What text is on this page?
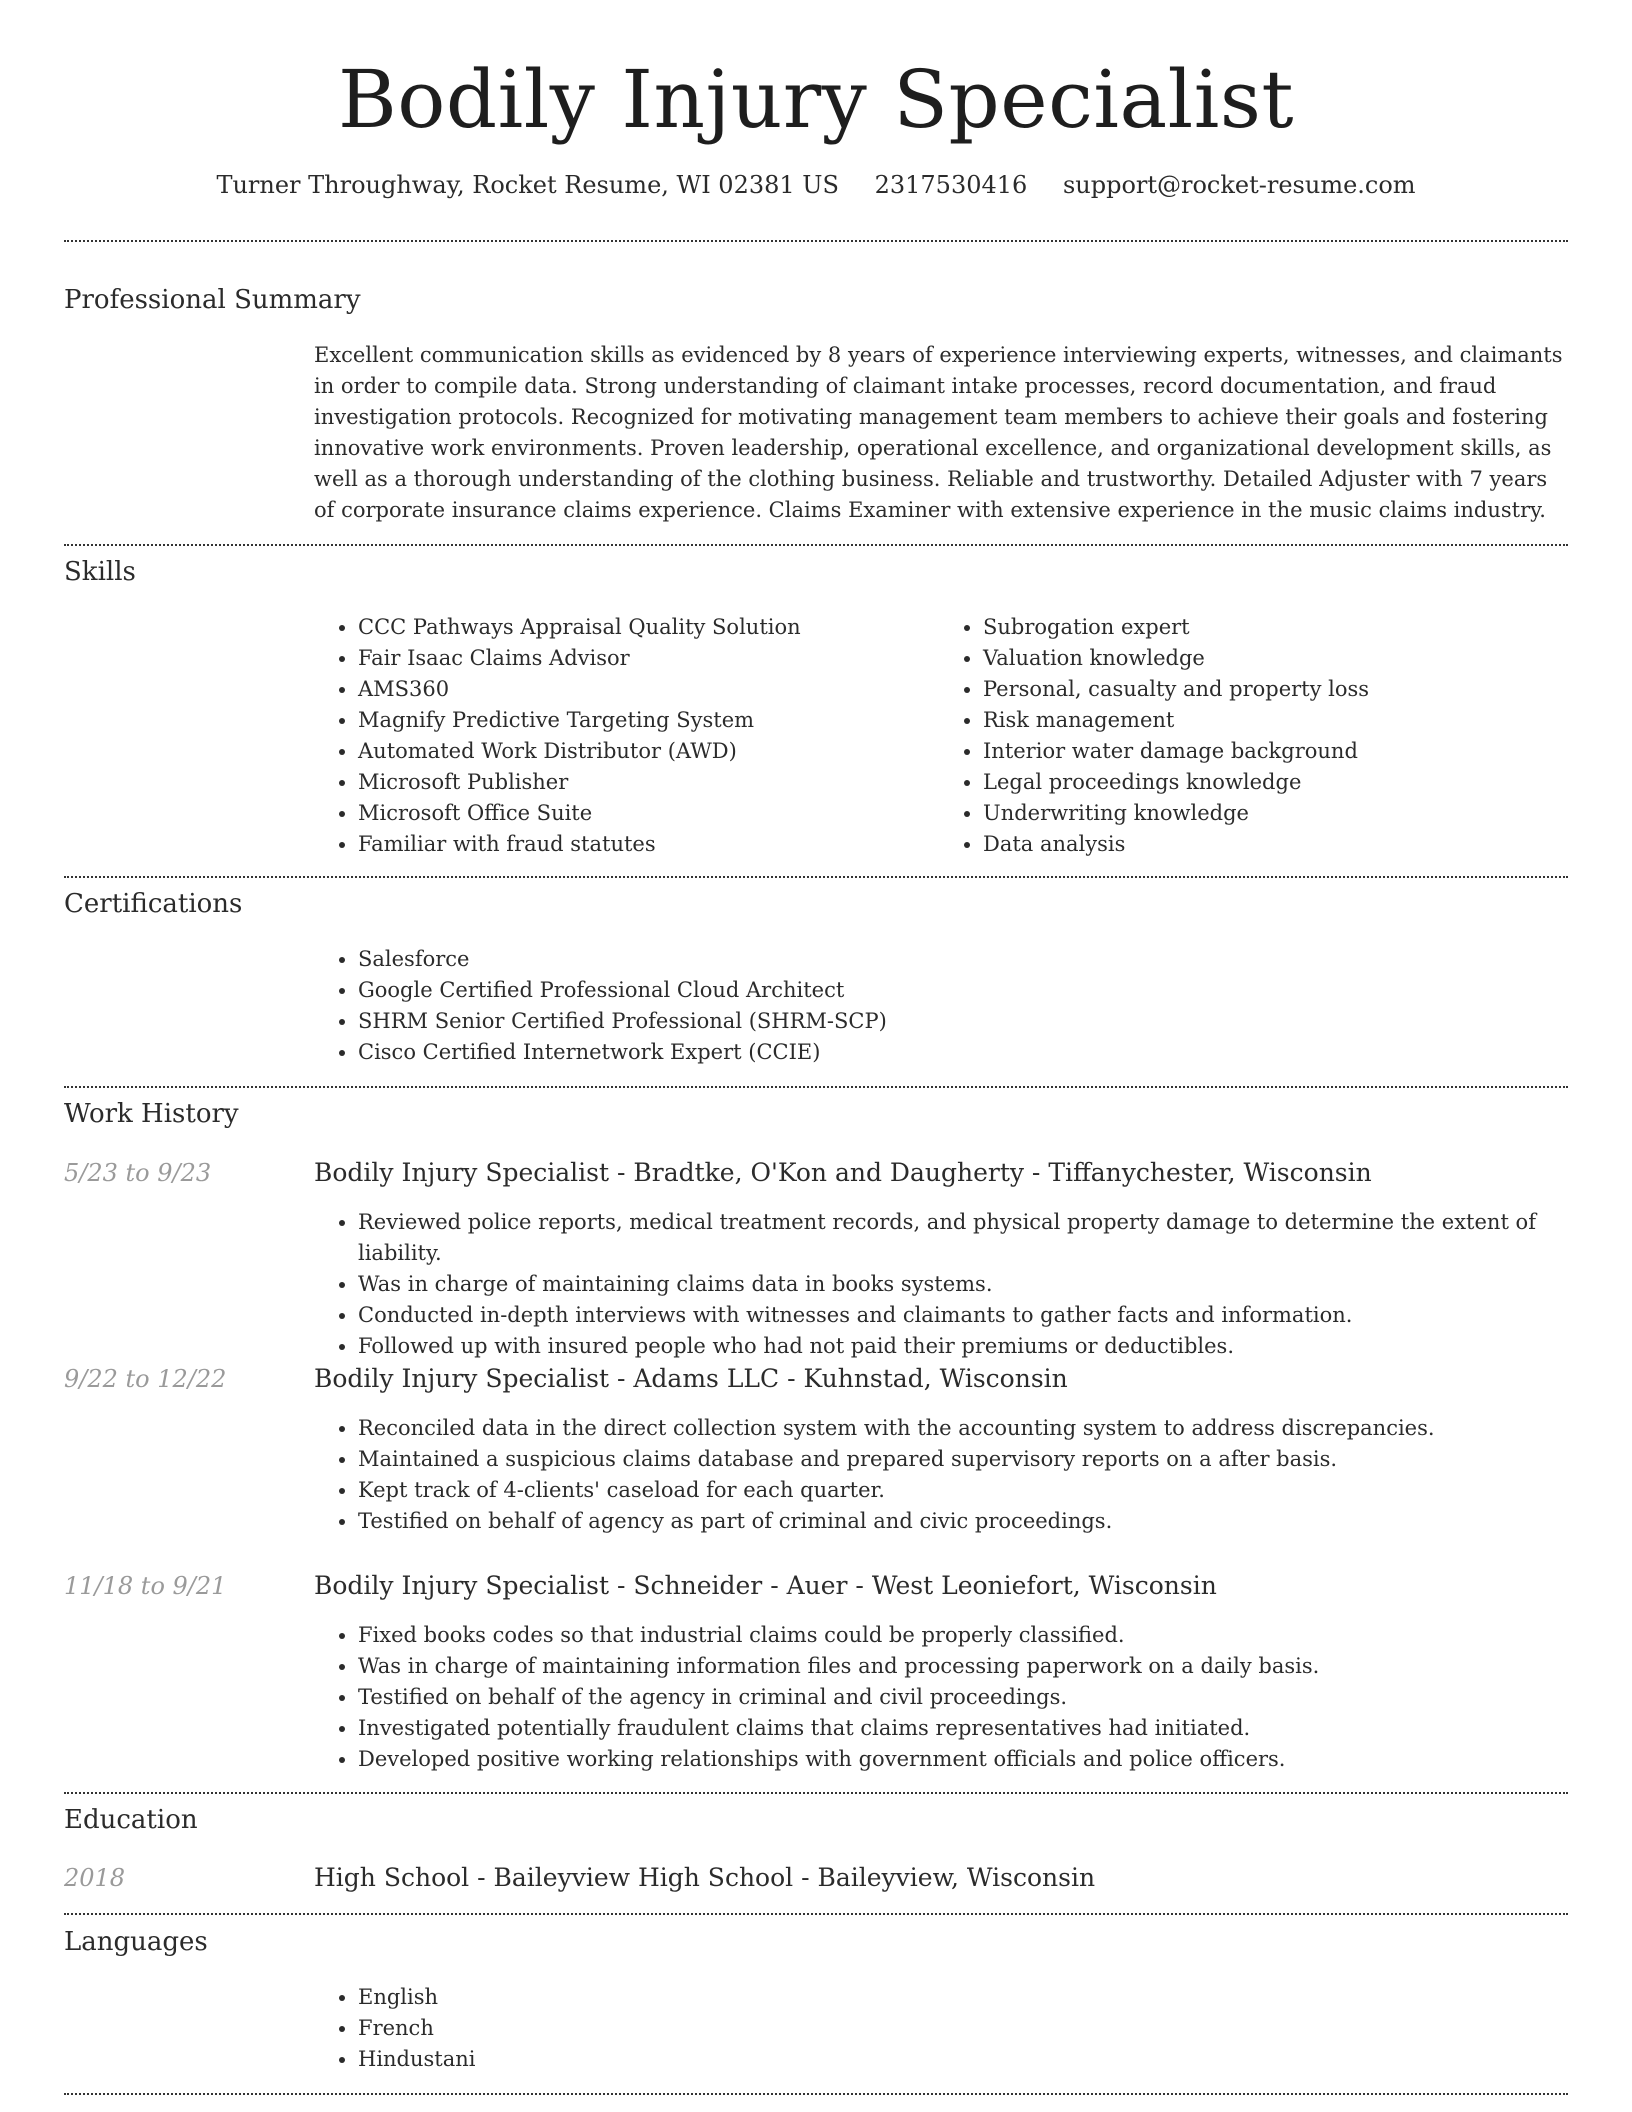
Bodily Injury Specialist
Turner Throughway, Rocket Resume, WI 02381 US 2317530416 support@rocket-resume.com
Professional Summary

Excellent communication skills as evidenced by 8 years of experience interviewing experts, witnesses, and claimants in order to compile data. Strong understanding of claimant intake processes, record documentation, and fraud investigation protocols. Recognized for motivating management team members to achieve their goals and fostering innovative work environments. Proven leadership, operational excellence, and organizational development skills, as well as a thorough understanding of the clothing business. Reliable and trustworthy. Detailed Adjuster with 7 years of corporate insurance claims experience. Claims Examiner with extensive experience in the music claims industry.

Skills
• CCC Pathways Appraisal Quality Solution
• Fair Isaac Claims Advisor
• AMS360
• Magnify Predictive Targeting System
• Automated Work Distributor (AWD)
• Microsoft Publisher
• Microsoft Office Suite
• Familiar with fraud statutes
• Subrogation expert
• Valuation knowledge
• Personal, casualty and property loss
• Risk management
• Interior water damage background
• Legal proceedings knowledge
• Underwriting knowledge
• Data analysis
Certifications
• Salesforce
• Google Certified Professional Cloud Architect
• SHRM Senior Certified Professional (SHRM-SCP)
• Cisco Certified Internetwork Expert (CCIE)
Work History
5/23 to 9/23	Bodily Injury Specialist - Bradtke, O'Kon and Daugherty - Tiffanychester, Wisconsin
• Reviewed police reports, medical treatment records, and physical property damage to determine the extent of liability.
• Was in charge of maintaining claims data in books systems.
• Conducted in-depth interviews with witnesses and claimants to gather facts and information.
• Followed up with insured people who had not paid their premiums or deductibles.
9/22 to 12/22	Bodily Injury Specialist - Adams LLC - Kuhnstad, Wisconsin
• Reconciled data in the direct collection system with the accounting system to address discrepancies.
• Maintained a suspicious claims database and prepared supervisory reports on a after basis.
• Kept track of 4-clients' caseload for each quarter.
• Testified on behalf of agency as part of criminal and civic proceedings.
11/18 to 9/21	Bodily Injury Specialist - Schneider - Auer - West Leoniefort, Wisconsin
• Fixed books codes so that industrial claims could be properly classified.
• Was in charge of maintaining information files and processing paperwork on a daily basis.
• Testified on behalf of the agency in criminal and civil proceedings.
• Investigated potentially fraudulent claims that claims representatives had initiated.
• Developed positive working relationships with government officials and police officers.
Education
2018	High School - Baileyview High School - Baileyview, Wisconsin
Languages
• English
• French
• Hindustani
